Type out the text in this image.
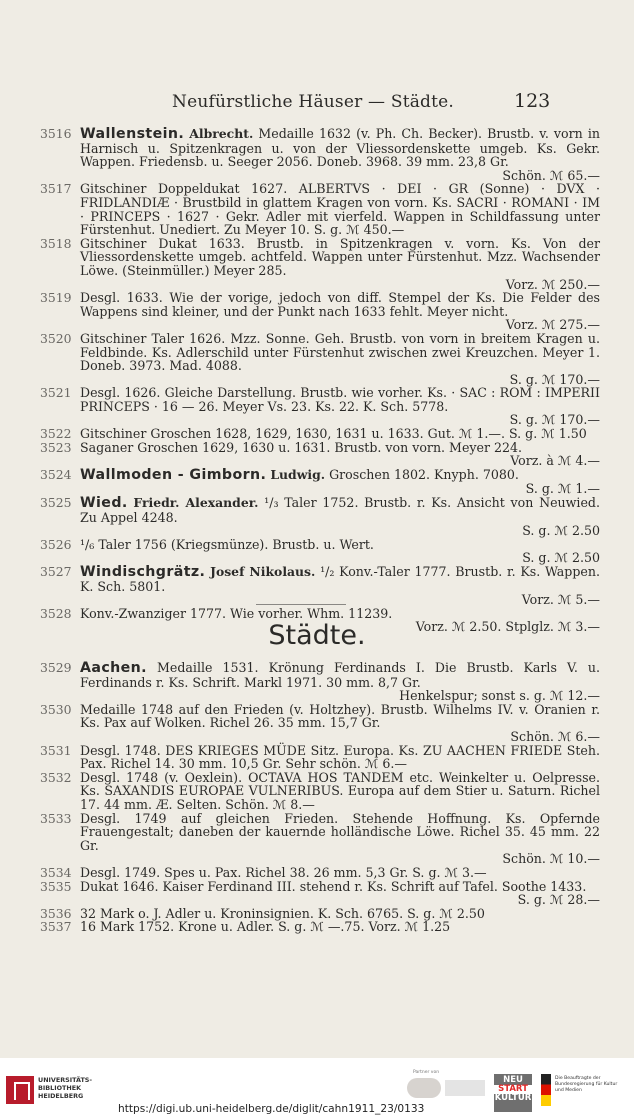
Neufürstliche Häuser — Städte.	123
3516 Wallenstein. Albrecht. Medaille 1632 (v. Ph. Ch. Becker). Brustb. v. vorn in Harnisch u. Spitzenkragen u. von der Vliessordenskette umgeb. Ks. Gekr. Wappen. Friedensb. u. Seeger 2056. Doneb. 3968. 39 mm. 23,8 Gr.
Schön. ℳ 65.—
3517 Gitschiner Doppeldukat 1627. ALBERTVS · DEI · GR (Sonne) · DVX · FRIDLANDIÆ · Brustbild in glattem Kragen von vorn. Ks. SACRI · ROMANI · IM · PRINCEPS · 1627 · Gekr. Adler mit vierfeld. Wappen in Schildfassung unter Fürstenhut. Unediert. Zu Meyer 10. S. g. ℳ 450.—
3518 Gitschiner Dukat 1633. Brustb. in Spitzenkragen v. vorn. Ks. Von der Vliessordenskette umgeb. achtfeld. Wappen unter Fürstenhut. Mzz. Wachsender Löwe. (Steinmüller.) Meyer 285.
Vorz. ℳ 250.—
3519 Desgl. 1633. Wie der vorige, jedoch von diff. Stempel der Ks. Die Felder des Wappens sind kleiner, und der Punkt nach 1633 fehlt. Meyer nicht.
Vorz. ℳ 275.—
3520 Gitschiner Taler 1626. Mzz. Sonne. Geh. Brustb. von vorn in breitem Kragen u. Feldbinde. Ks. Adlerschild unter Fürstenhut zwischen zwei Kreuzchen. Meyer 1. Doneb. 3973. Mad. 4088.
S. g. ℳ 170.—
3521 Desgl. 1626. Gleiche Darstellung. Brustb. wie vorher. Ks. · SAC : ROM : IMPERII PRINCEPS · 16 — 26. Meyer Vs. 23. Ks. 22. K. Sch. 5778.
S. g. ℳ 170.—
3522 Gitschiner Groschen 1628, 1629, 1630, 1631 u. 1633. Gut. ℳ 1.—. S. g. ℳ 1.50
3523 Saganer Groschen 1629, 1630 u. 1631. Brustb. von vorn. Meyer 224.
Vorz. à ℳ 4.—
3524 Wallmoden - Gimborn. Ludwig. Groschen 1802. Knyph. 7080.
S. g. ℳ 1.—
3525 Wied. Friedr. Alexander. ¹/₃ Taler 1752. Brustb. r. Ks. Ansicht von Neuwied. Zu Appel 4248.
S. g. ℳ 2.50
3526 ¹/₆ Taler 1756 (Kriegsmünze). Brustb. u. Wert.
S. g. ℳ 2.50
3527 Windischgrätz. Josef Nikolaus. ¹/₂ Konv.-Taler 1777. Brustb. r. Ks. Wappen. K. Sch. 5801.
Vorz. ℳ 5.—
3528 Konv.-Zwanziger 1777. Wie vorher. Whm. 11239.
Vorz. ℳ 2.50. Stplglz. ℳ 3.—
Städte.
3529 Aachen. Medaille 1531. Krönung Ferdinands I. Die Brustb. Karls V. u. Ferdinands r. Ks. Schrift. Markl 1971. 30 mm. 8,7 Gr.
Henkelspur; sonst s. g. ℳ 12.—
3530 Medaille 1748 auf den Frieden (v. Holtzhey). Brustb. Wilhelms IV. v. Oranien r. Ks. Pax auf Wolken. Richel 26. 35 mm. 15,7 Gr.
Schön. ℳ 6.—
3531 Desgl. 1748. DES KRIEGES MÜDE Sitz. Europa. Ks. ZU AACHEN FRIEDE Steh. Pax. Richel 14. 30 mm. 10,5 Gr. Sehr schön. ℳ 6.—
3532 Desgl. 1748 (v. Oexlein). OCTAVA HOS TANDEM etc. Weinkelter u. Oelpresse. Ks. SAXANDIS EUROPAE VULNERIBUS. Europa auf dem Stier u. Saturn. Richel 17. 44 mm. Æ. Selten. Schön. ℳ 8.—
3533 Desgl. 1749 auf gleichen Frieden. Stehende Hoffnung. Ks. Opfernde Frauengestalt; daneben der kauernde holländische Löwe. Richel 35. 45 mm. 22 Gr.
Schön. ℳ 10.—
3534 Desgl. 1749. Spes u. Pax. Richel 38. 26 mm. 5,3 Gr. S. g. ℳ 3.—
3535 Dukat 1646. Kaiser Ferdinand III. stehend r. Ks. Schrift auf Tafel. Soothe 1433.
S. g. ℳ 28.—
3536 32 Mark o. J. Adler u. Kroninsignien. K. Sch. 6765. S. g. ℳ 2.50
3537 16 Mark 1752. Krone u. Adler. S. g. ℳ —.75. Vorz. ℳ 1.25
UNIVERSITÄTS- BIBLIOTHEK HEIDELBERG
https://digi.ub.uni-heidelberg.de/diglit/cahn1911_23/0133
Partner von
NEU
START
KULTUR
Die Beauftragte der Bundesregierung für Kultur und Medien
